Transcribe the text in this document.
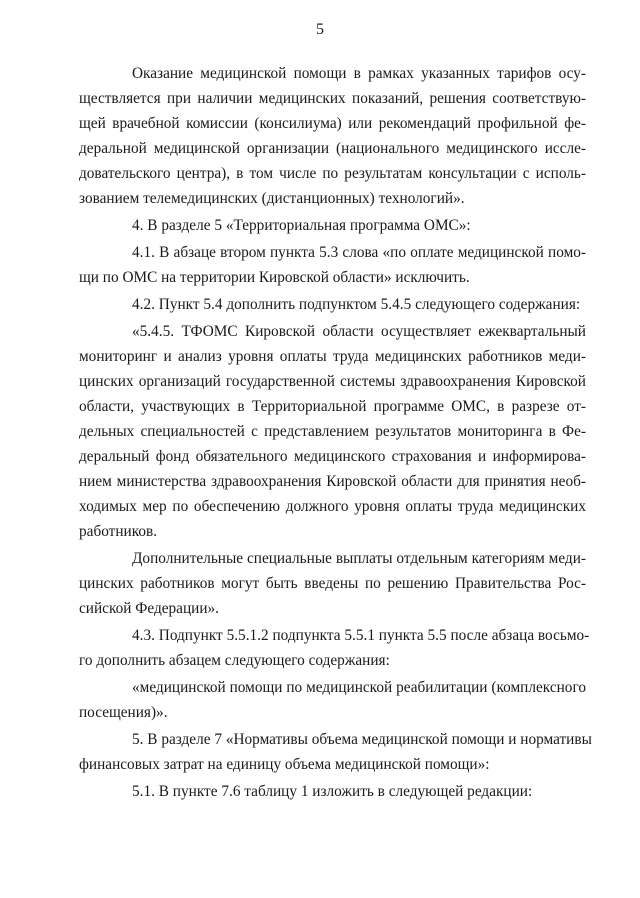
5
Оказание медицинской помощи в рамках указанных тарифов осу-
ществляется при наличии медицинских показаний, решения соответствую-
щей врачебной комиссии (консилиума) или рекомендаций профильной фе-
деральной медицинской организации (национального медицинского иссле-
довательского центра), в том числе по результатам консультации с исполь-
зованием телемедицинских (дистанционных) технологий».
4. В разделе 5 «Территориальная программа ОМС»:
4.1. В абзаце втором пункта 5.3 слова «по оплате медицинской помо-
щи по ОМС на территории Кировской области» исключить.
4.2. Пункт 5.4 дополнить подпунктом 5.4.5 следующего содержания:
«5.4.5. ТФОМС Кировской области осуществляет ежеквартальный
мониторинг и анализ уровня оплаты труда медицинских работников меди-
цинских организаций государственной системы здравоохранения Кировской
области, участвующих в Территориальной программе ОМС, в разрезе от-
дельных специальностей с представлением результатов мониторинга в Фе-
деральный фонд обязательного медицинского страхования и информирова-
нием министерства здравоохранения Кировской области для принятия необ-
ходимых мер по обеспечению должного уровня оплаты труда медицинских
работников.
Дополнительные специальные выплаты отдельным категориям меди-
цинских работников могут быть введены по решению Правительства Рос-
сийской Федерации».
4.3. Подпункт 5.5.1.2 подпункта 5.5.1 пункта 5.5 после абзаца восьмо-
го дополнить абзацем следующего содержания:
«медицинской помощи по медицинской реабилитации (комплексного
посещения)».
5. В разделе 7 «Нормативы объема медицинской помощи и нормативы
финансовых затрат на единицу объема медицинской помощи»:
5.1. В пункте 7.6 таблицу 1 изложить в следующей редакции:
